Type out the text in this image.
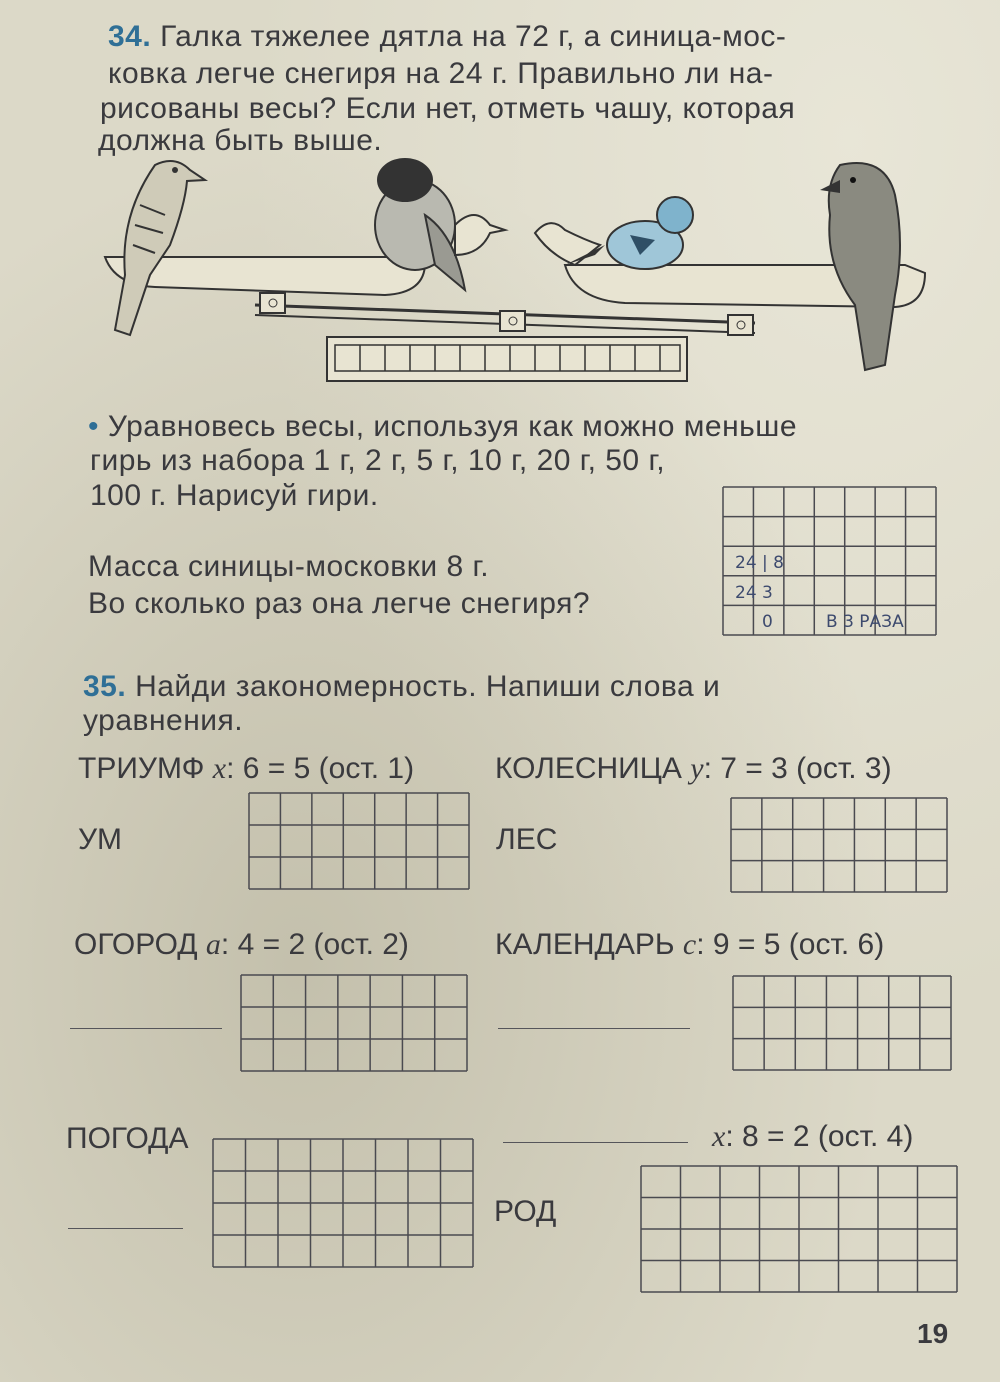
34. Галка тяжелее дятла на 72 г, а синица-мос-
ковка легче снегиря на 24 г. Правильно ли на-
рисованы весы? Если нет, отметь чашу, которая
должна быть выше.
• Уравновесь весы, используя как можно меньше
гирь из набора 1 г, 2 г, 5 г, 10 г, 20 г, 50 г,
100 г. Нарисуй гири.
Масса синицы-московки 8 г.
Во сколько раз она легче снегиря?
24 | 8
24 3
0	В 3 РАЗА
35. Найди закономерность. Напиши слова и
уравнения.
ТРИУМФ x: 6 = 5 (ост. 1)
УМ
КОЛЕСНИЦА y: 7 = 3 (ост. 3)
ЛЕС
ОГОРОД a: 4 = 2 (ост. 2)	КАЛЕНДАРЬ c: 9 = 5 (ост. 6)
ПОГОДА	x: 8 = 2 (ост. 4)
РОД
19
